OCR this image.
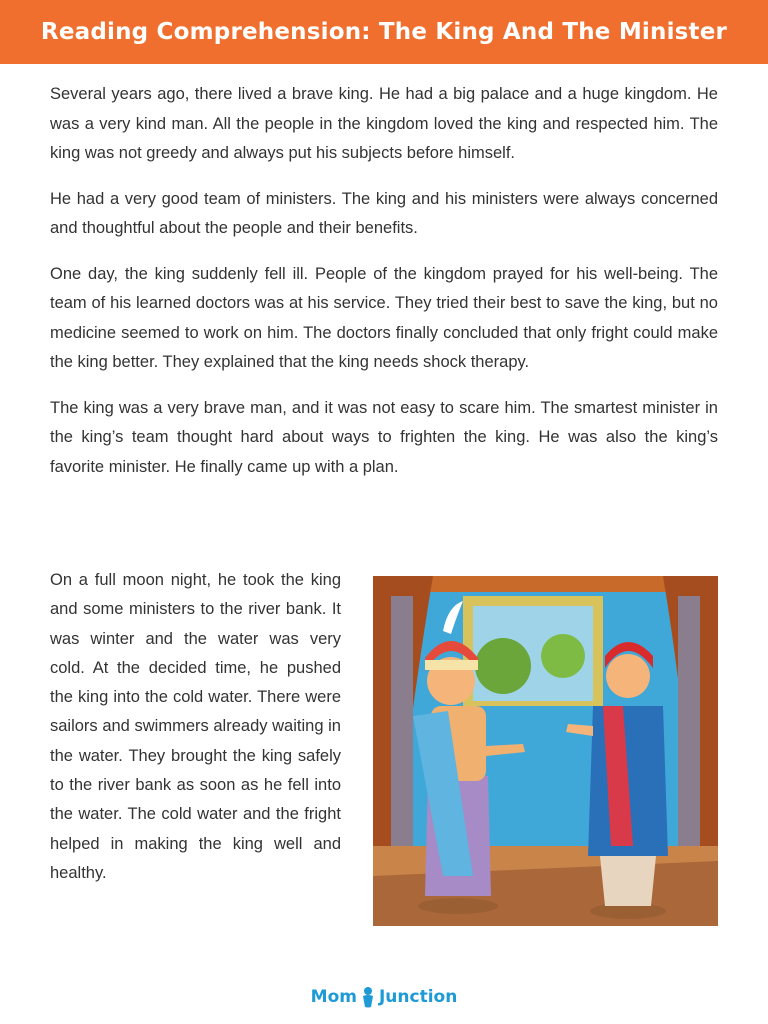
Reading Comprehension: The King And The Minister

Several years ago, there lived a brave king. He had a big palace and a huge kingdom. He was a very kind man. All the people in the kingdom loved the king and respected him. The king was not greedy and always put his subjects before himself.

He had a very good team of ministers. The king and his ministers were always concerned and thoughtful about the people and their benefits.

One day, the king suddenly fell ill. People of the kingdom prayed for his well-being. The team of his learned doctors was at his service. They tried their best to save the king, but no medicine seemed to work on him. The doctors finally concluded that only fright could make the king better. They explained that the king needs shock therapy.

The king was a very brave man, and it was not easy to scare him. The smartest minister in the king’s team thought hard about ways to frighten the king. He was also the king’s favorite minister. He finally came up with a plan.

On a full moon night, he took the king and some ministers to the river bank. It was winter and the water was very cold. At the decided time, he pushed the king into the cold water. There were sailors and swimmers already waiting in the water. They brought the king safely to the river bank as soon as he fell into the water. The cold water and the fright helped in making the king well and healthy.

Mom Junction
